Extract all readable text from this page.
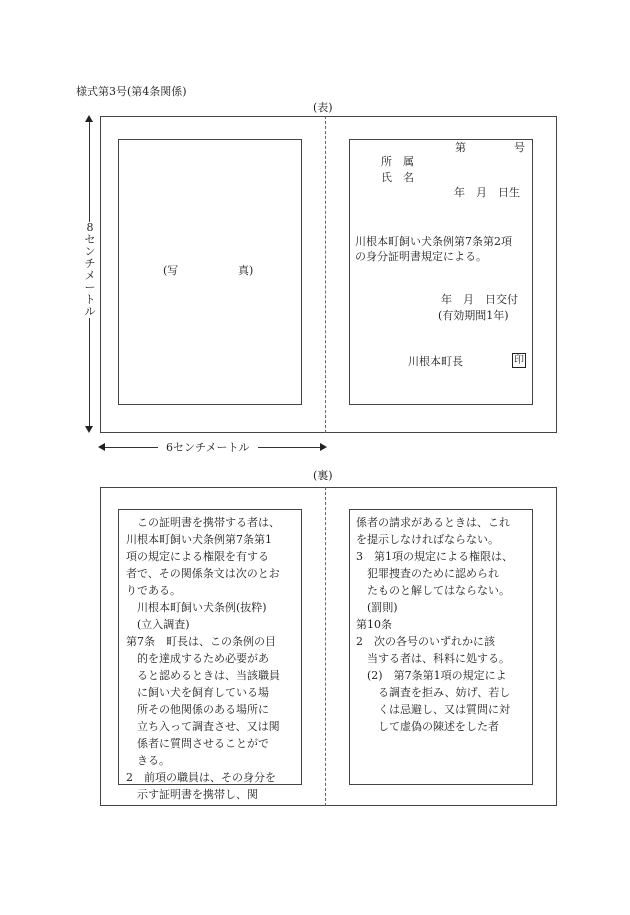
様式第3号(第4条関係)
(表)
(写	真)
第	号
所　属
氏　名
年　月　日生
川根本町飼い犬条例第7条第2項
の身分証明書規定による。
年　月　日交付
(有効期間1年)
川根本町長	印
8センチメートル
6センチメートル
(裏)
　この証明書を携帯する者は、
川根本町飼い犬条例第7条第1
項の規定による権限を有する
者で、その関係条文は次のとお
りである。
　川根本町飼い犬条例(抜粋)
　(立入調査)
第7条　町長は、この条例の目
　的を達成するため必要があ
　ると認めるときは、当該職員
　に飼い犬を飼育している場
　所その他関係のある場所に
　立ち入って調査させ、又は関
　係者に質問させることがで
　きる。
2　前項の職員は、その身分を
　示す証明書を携帯し、関
係者の請求があるときは、これ
を提示しなければならない。
3　第1項の規定による権限は、
　犯罪捜査のために認められ
　たものと解してはならない。
　(罰則)
第10条
2　次の各号のいずれかに該
　当する者は、科料に処する。
　(2)　第7条第1項の規定によ
　　る調査を拒み、妨げ、若し
　　くは忌避し、又は質問に対
　　して虚偽の陳述をした者
